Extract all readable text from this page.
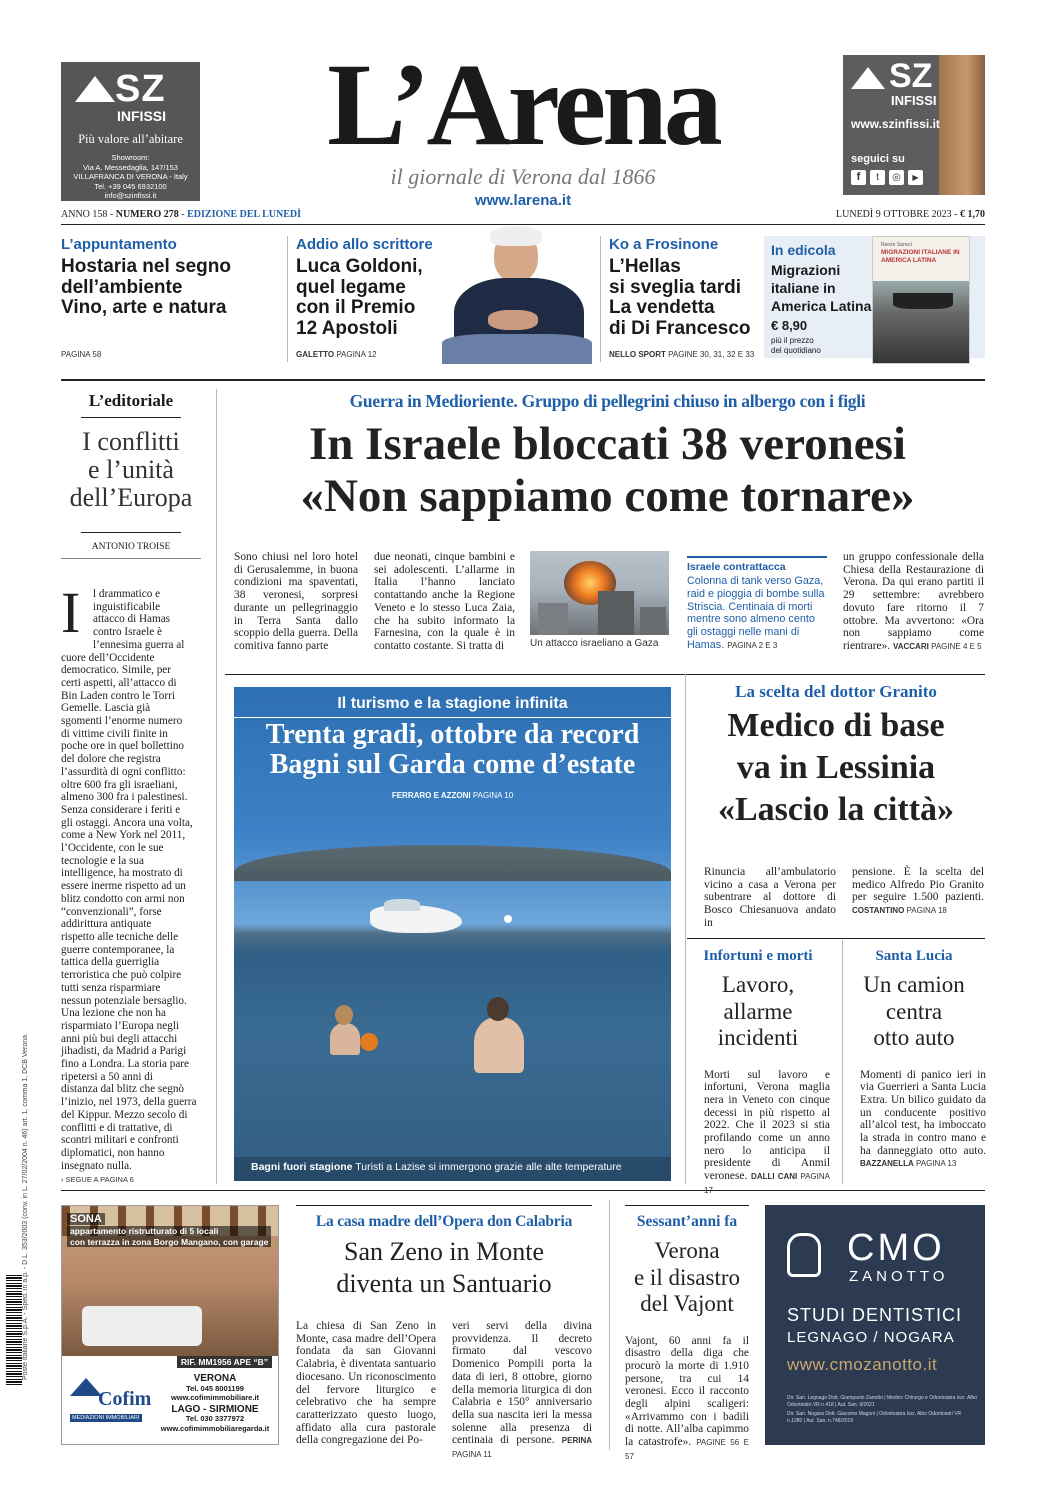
SZ
INFISSI
Più valore all’abitare
Showroom:
Via A. Messedaglia, 147/153
VILLAFRANCA DI VERONA - Italy
Tel. +39 045 6932100
info@szinfissi.it
L’Arena
il giornale di Verona dal 1866
www.larena.it
SZ
INFISSI
www.szinfissi.it
seguici su
f	t	◎	▶
ANNO 158 - NUMERO 278 - EDIZIONE DEL LUNEDÌ	LUNEDÌ 9 OTTOBRE 2023 - € 1,70
L’appuntamento
Hostaria nel segno
dell’ambiente
Vino, arte e natura
PAGINA 58
Addio allo scrittore
Luca Goldoni,
quel legame
con il Premio
12 Apostoli
GALETTO PAGINA 12
Ko a Frosinone
L’Hellas
si sveglia tardi
La vendetta
di Di Francesco
NELLO SPORT PAGINE 30, 31, 32 E 33
In edicola
Migrazioni
italiane in
America Latina
€ 8,90
più il prezzo
del quotidiano
Renzo Sancci
MIGRAZIONI ITALIANE IN AMERICA LATINA
L’editoriale
I conflitti
e l’unità
dell’Europa
ANTONIO TROISE
I	l drammatico e
inguistificabile
attacco di Hamas
contro Israele è
l’ennesima guerra al
cuore dell’Occidente
democratico. Simile, per
certi aspetti, all’attacco di
Bin Laden contro le Torri
Gemelle. Lascia già
sgomenti l’enorme numero
di vittime civili finite in
poche ore in quel bollettino
del dolore che registra
l’assurdità di ogni conflitto:
oltre 600 fra gli israeliani,
almeno 300 fra i palestinesi.
Senza considerare i feriti e
gli ostaggi. Ancora una volta,
come a New York nel 2011,
l’Occidente, con le sue
tecnologie e la sua
intelligence, ha mostrato di
essere inerme rispetto ad un
blitz condotto con armi non
“convenzionali”, forse
addirittura antiquate
rispetto alle tecniche delle
guerre contemporanee, la
tattica della guerriglia
terroristica che può colpire
tutti senza risparmiare
nessun potenziale bersaglio.
Una lezione che non ha
risparmiato l’Europa negli
anni più bui degli attacchi
jihadisti, da Madrid a Parigi
fino a Londra. La storia pare
ripetersi a 50 anni di
distanza dal blitz che segnò
l’inizio, nel 1973, della guerra
del Kippur. Mezzo secolo di
conflitti e di trattative, di
scontri militari e confronti
diplomatici, non hanno
insegnato nulla.
› SEGUE A PAGINA 6
Guerra in Medioriente. Gruppo di pellegrini chiuso in albergo con i figli
In Israele bloccati 38 veronesi
«Non sappiamo come tornare»
Sono chiusi nel loro hotel di Gerusalemme, in buona condizioni ma spaventati, 38 veronesi, sorpresi durante un pellegrinaggio in Terra Santa dallo scoppio della guerra. Della comitiva fanno parte
due neonati, cinque bambini e sei adolescenti. L’allarme in Italia l’hanno lanciato contattando anche la Regione Veneto e lo stesso Luca Zaia, che ha subito informato la Farnesina, con la quale è in contatto costante. Si tratta di	Un attacco israeliano a Gaza
Israele contrattacca
Colonna di tank verso Gaza, raid e pioggia di bombe sulla Striscia. Centinaia di morti mentre sono almeno cento gli ostaggi nelle mani di Hamas. PAGINA 2 E 3
un gruppo confessionale della Chiesa della Restaurazione di Verona. Da qui erano partiti il 29 settembre: avrebbero dovuto fare ritorno il 7 ottobre. Ma avvertono: «Ora non sappiamo come rientrare». VACCARI PAGINE 4 E 5
Il turismo e la stagione infinita
Trenta gradi, ottobre da record
Bagni sul Garda come d’estate
FERRARO E AZZONI PAGINA 10
Bagni fuori stagione Turisti a Lazise si immergono grazie alle alte temperature
La scelta del dottor Granito
Medico di base
va in Lessinia
«Lascio la città»
Rinuncia all’ambulatorio vicino a casa a Verona per subentrare al dottore di Bosco Chiesanuova andato in
pensione. È la scelta del medico Alfredo Pio Granito per seguire 1.500 pazienti. COSTANTINO PAGINA 18
Infortuni e morti
Lavoro,
allarme
incidenti
Morti sul lavoro e infortuni, Verona maglia nera in Veneto con cinque decessi in più rispetto al 2022. Che il 2023 si stia profilando come un anno nero lo anticipa il presidente di Anmil veronese. DALLI CANI PAGINA
Santa Lucia
Un camion
centra
otto auto
Momenti di panico ieri in via Guerrieri a Santa Lucia Extra. Un bilico guidato da un conducente positivo all’alcol test, ha imboccato la strada in contro mano e ha danneggiato otto auto. BAZZANELLA PAGINA 13
Poste Italiane S.p.A. - Sped. in a.p. - D.L. 353/2003 (conv. in L. 27/02/2004 n. 46) art. 1, comma 1, DCB Verona	SONA
appartamento ristrutturato di 5 locali
con terrazza in zona Borgo Mangano, con garage
RIF. MM1956 APE “B”
Cofim
MEDIAZIONI IMMOBILIARI
VERONA
Tel. 045 8001199
www.cofimimmobiliare.it
LAGO - SIRMIONE
Tel. 030 3377972
www.cofimimmobiliaregarda.it
La casa madre dell’Opera don Calabria
San Zeno in Monte
diventa un Santuario
La chiesa di San Zeno in Monte, casa madre dell’Opera fondata da san Giovanni Calabria, è diventata santuario diocesano. Un riconoscimento del fervore liturgico e celebrativo che ha sempre caratterizzato questo luogo, affidato alla cura pastorale della congregazione dei Po-
veri servi della divina provvidenza. Il decreto firmato dal vescovo Domenico Pompili porta la data di ieri, 8 ottobre, giorno della memoria liturgica di don Calabria e 150° anniversario della sua nascita ieri la messa solenne alla presenza di centinaia di persone. PERINA PAGINA 11
Sessant’anni fa
Verona
e il disastro
del Vajont
Vajont, 60 anni fa il disastro della diga che procurò la morte di 1.910 persone, tra cui 14 veronesi. Ecco il racconto degli alpini scaligeri: «Arrivammo con i badili di notte. All’alba capimmo la catastrofe». PAGINE 56 E 57
CMO
ZANOTTO
STUDI DENTISTICI
LEGNAGO / NOGARA
www.cmozanotto.it
Dir. San. Legnago Dott. Giampaolo Zanotto | Medico Chirurgo e Odontoiatra Iscr. Albo Odontoiatri VR n.418 | Aut. San. 9/2021
Dir. San. Nogara Dott. Giacomo Magoni | Odontoiatra Iscr. Albo Odontoiatri VR n.1280 | Aut. San. n.748/2019
